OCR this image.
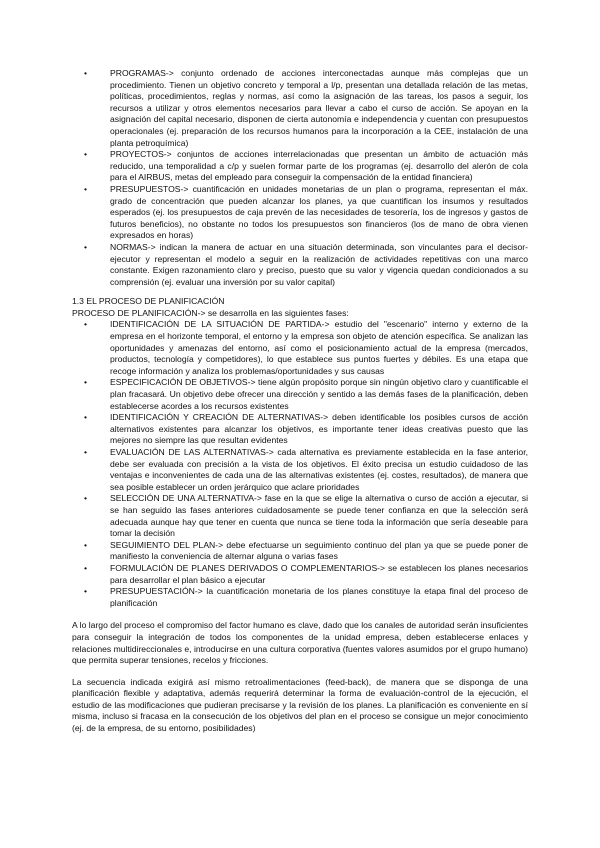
•	PROGRAMAS-> conjunto ordenado de acciones interconectadas aunque más complejas que un procedimiento. Tienen un objetivo concreto y temporal a l/p, presentan una detallada relación de las metas, políticas, procedimientos, reglas y normas, así como la asignación de las tareas, los pasos a seguir, los recursos a utilizar y otros elementos necesarios para llevar a cabo el curso de acción. Se apoyan en la asignación del capital necesario, disponen de cierta autonomía e independencia y cuentan con presupuestos operacionales (ej. preparación de los recursos humanos para la incorporación a la CEE, instalación de una planta petroquímica)
•	PROYECTOS-> conjuntos de acciones interrelacionadas que presentan un ámbito de actuación más reducido, una temporalidad a c/p y suelen formar parte de los programas (ej. desarrollo del alerón de cola para el AIRBUS, metas del empleado para conseguir la compensación de la entidad financiera)
•	PRESUPUESTOS-> cuantificación en unidades monetarias de un plan o programa, representan el máx. grado de concentración que pueden alcanzar los planes, ya que cuantifican los insumos y resultados esperados (ej. los presupuestos de caja prevén de las necesidades de tesorería, los de ingresos y gastos de futuros beneficios), no obstante no todos los presupuestos son financieros (los de mano de obra vienen expresados en horas)
•	NORMAS-> indican la manera de actuar en una situación determinada, son vinculantes para el decisor-ejecutor y representan el modelo a seguir en la realización de actividades repetitivas con una marco constante. Exigen razonamiento claro y preciso, puesto que su valor y vigencia quedan condicionados a su comprensión (ej. evaluar una inversión por su valor capital)
1.3 EL PROCESO DE PLANIFICACIÓN
PROCESO DE PLANIFICACIÓN-> se desarrolla en las siguientes fases:
•	IDENTIFICACIÓN DE LA SITUACIÓN DE PARTIDA-> estudio del "escenario" interno y externo de la empresa en el horizonte temporal, el entorno y la empresa son objeto de atención específica. Se analizan las oportunidades y amenazas del entorno, así como el posicionamiento actual de la empresa (mercados, productos, tecnología y competidores), lo que establece sus puntos fuertes y débiles. Es una etapa que recoge información y analiza los problemas/oportunidades y sus causas
•	ESPECIFICACIÓN DE OBJETIVOS-> tiene algún propósito porque sin ningún objetivo claro y cuantificable el plan fracasará. Un objetivo debe ofrecer una dirección y sentido a las demás fases de la planificación, deben establecerse acordes a los recursos existentes
•	IDENTIFICACIÓN Y CREACIÓN DE ALTERNATIVAS-> deben identificable los posibles cursos de acción alternativos existentes para alcanzar los objetivos, es importante tener ideas creativas puesto que las mejores no siempre las que resultan evidentes
•	EVALUACIÓN DE LAS ALTERNATIVAS-> cada alternativa es previamente establecida en la fase anterior, debe ser evaluada con precisión a la vista de los objetivos. El éxito precisa un estudio cuidadoso de las ventajas e inconvenientes de cada una de las alternativas existentes (ej. costes, resultados), de manera que sea posible establecer un orden jerárquico que aclare prioridades
•	SELECCIÓN DE UNA ALTERNATIVA-> fase en la que se elige la alternativa o curso de acción a ejecutar, si se han seguido las fases anteriores cuidadosamente se puede tener confianza en que la selección será adecuada aunque hay que tener en cuenta que nunca se tiene toda la información que sería deseable para tomar la decisión
•	SEGUIMIENTO DEL PLAN-> debe efectuarse un seguimiento continuo del plan ya que se puede poner de manifiesto la conveniencia de alternar alguna o varias fases
•	FORMULACIÓN DE PLANES DERIVADOS O COMPLEMENTARIOS-> se establecen los planes necesarios para desarrollar el plan básico a ejecutar
•	PRESUPUESTACIÓN-> la cuantificación monetaria de los planes constituye la etapa final del proceso de planificación

A lo largo del proceso el compromiso del factor humano es clave, dado que los canales de autoridad serán insuficientes para conseguir la integración de todos los componentes de la unidad empresa, deben establecerse enlaces y relaciones multidireccionales e, introducirse en una cultura corporativa (fuentes valores asumidos por el grupo humano) que permita superar tensiones, recelos y fricciones.

La secuencia indicada exigirá así mismo retroalimentaciones (feed-back), de manera que se disponga de una planificación flexible y adaptativa, además requerirá determinar la forma de evaluación-control de la ejecución, el estudio de las modificaciones que pudieran precisarse y la revisión de los planes. La planificación es conveniente en sí misma, incluso si fracasa en la consecución de los objetivos del plan en el proceso se consigue un mejor conocimiento (ej. de la empresa, de su entorno, posibilidades)
